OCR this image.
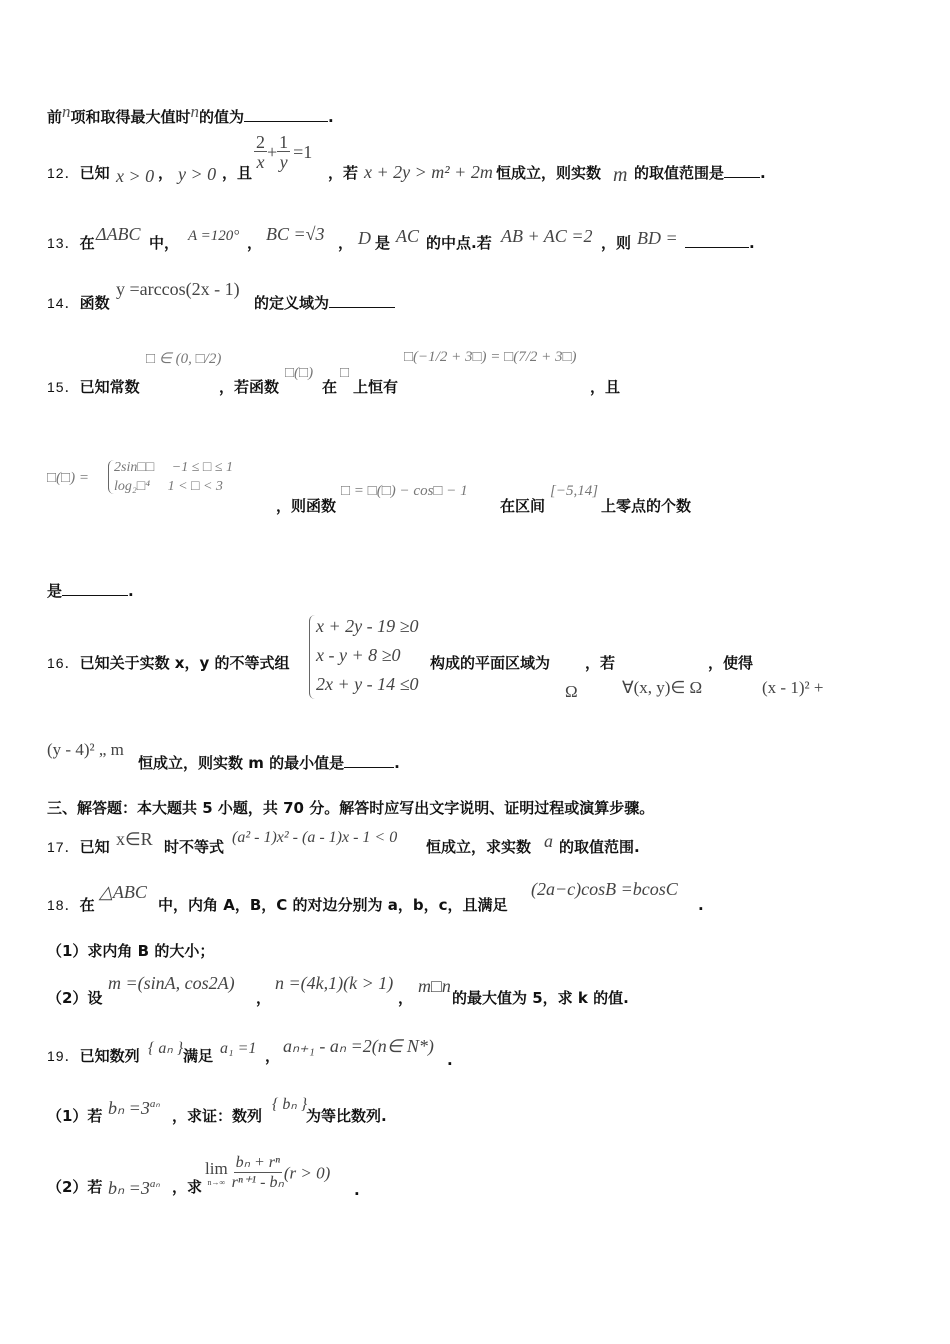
前n项和取得最大值时n的值为	.
12．已知 x > 0 ， y > 0 ，且
$\frac{2}{x} + \frac{1}{y} =1$
，若 x + 2y > m² + 2m 恒成立，则实数 m 的取值范围是 .
13．在 ΔABC 中， A =120° ， BC =√3 ， D 是 AC 的中点.若 AB + AC =2 ，则 BD =	.
14．函数
y =arccos(2x - 1)
的定义域为
□ ∈ (0, □/2)	□(−1/2 + 3□) = □(7/2 + 3□)
15．已知常数	，若函数
□(□)
在
□
上恒有	，且
□(□) =
2sin□□　 −1 ≤ □ ≤ 1
log₂□⁴　 1 < □ < 3
，则函数
□ = □(□) − cos□ − 1
在区间
[−5,14]
上零点的个数
是	.
x + 2y - 19 ≥0
x - y + 8 ≥0
2x + y - 14 ≤0
16．已知关于实数 x，y 的不等式组	构成的平面区域为 ，若	，使得
Ω	∀(x, y)∈ Ω	(x - 1)² +
(y - 4)² „ m
恒成立，则实数 m 的最小值是	.
三、解答题：本大题共 5 小题，共 70 分。解答时应写出文字说明、证明过程或演算步骤。
17．已知 x∈R 时不等式
(a² - 1)x² - (a - 1)x - 1 < 0
恒成立，求实数 a 的取值范围.
18．在
△ABC
中，内角 A，B，C 的对边分别为 a，b，c，且满足
(2a−c)cosB =bcosC
.
（1）求内角 B 的大小；
（2）设
m =(sinA, cos2A)
，
n =(4k,1)(k > 1)
，
m□n
的最大值为 5，求 k 的值.
19．已知数列 { aₙ } 满足 a₁ =1 ， aₙ₊₁ - aₙ =2(n∈ N*)
.
（1）若 $b_n =3^{a_n}$
，求证：数列
{ bₙ }
为等比数列.
（2）若 $b_n =3^{a_n}$ ，求
lim
$n\to\infty \frac{\text{bₙ + rⁿ}}{\text{rⁿ⁺¹ - bₙ}} (r > 0)$
.
